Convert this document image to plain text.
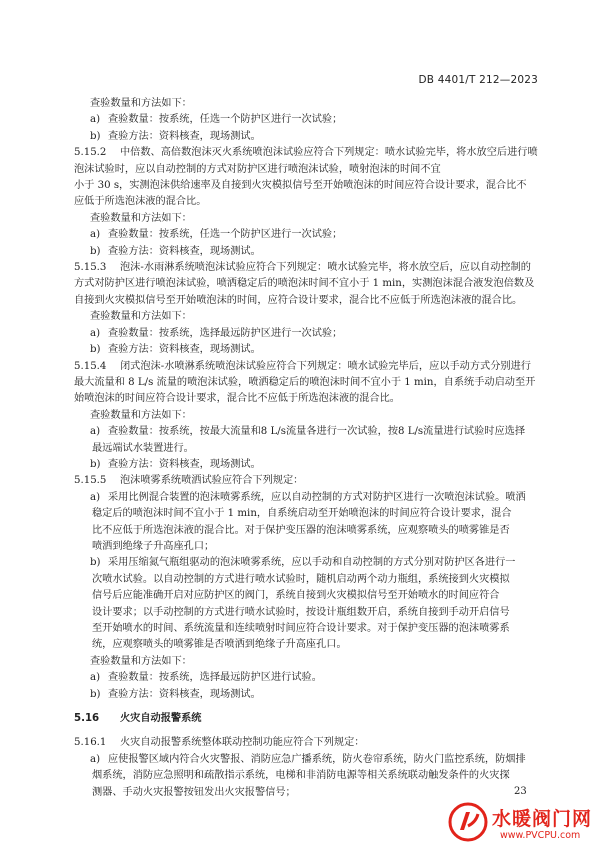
DB 4401/T 212—2023
查验数量和方法如下：
a) 查验数量：按系统，任选一个防护区进行一次试验；
b) 查验方法：资料核查，现场测试。
5.15.2 中倍数、高倍数泡沫灭火系统喷泡沫试验应符合下列规定：喷水试验完毕，将水放空后进行喷
泡沫试验时，应以自动控制的方式对防护区进行喷泡沫试验，喷射泡沫的时间不宜
小于 30 s，实测泡沫供给速率及自接到火灾模拟信号至开始喷泡沫的时间应符合设计要求，混合比不
应低于所选泡沫液的混合比。
查验数量和方法如下：
a) 查验数量：按系统，任选一个防护区进行一次试验；
b) 查验方法：资料核查，现场测试。
5.15.3 泡沫-水雨淋系统喷泡沫试验应符合下列规定：喷水试验完毕，将水放空后，应以自动控制的
方式对防护区进行喷泡沫试验，喷洒稳定后的喷泡沫时间不宜小于 1 min，实测泡沫混合液发泡倍数及
自接到火灾模拟信号至开始喷泡沫的时间，应符合设计要求，混合比不应低于所选泡沫液的混合比。
查验数量和方法如下：
a) 查验数量：按系统，选择最远防护区进行一次试验；
b) 查验方法：资料核查，现场测试。
5.15.4 闭式泡沫-水喷淋系统喷泡沫试验应符合下列规定：喷水试验完毕后，应以手动方式分别进行
最大流量和 8 L/s 流量的喷泡沫试验，喷洒稳定后的喷泡沫时间不宜小于 1 min，自系统手动启动至开
始喷泡沫的时间应符合设计要求，混合比不应低于所选泡沫液的混合比。
查验数量和方法如下：
a) 查验数量：按系统，按最大流量和8 L/s流量各进行一次试验，按8 L/s流量进行试验时应选择
最远端试水装置进行。
b) 查验方法：资料核查，现场测试。
5.15.5 泡沫喷雾系统喷洒试验应符合下列规定：
a) 采用比例混合装置的泡沫喷雾系统，应以自动控制的方式对防护区进行一次喷泡沫试验。喷洒
稳定后的喷泡沫时间不宜小于 1 min，自系统启动至开始喷泡沫的时间应符合设计要求，混合
比不应低于所选泡沫液的混合比。对于保护变压器的泡沫喷雾系统，应观察喷头的喷雾锥是否
喷洒到绝缘子升高座孔口；
b) 采用压缩氮气瓶组驱动的泡沫喷雾系统，应以手动和自动控制的方式分别对防护区各进行一
次喷水试验。以自动控制的方式进行喷水试验时，随机启动两个动力瓶组，系统接到火灾模拟
信号后应能准确开启对应防护区的阀门，系统自接到火灾模拟信号至开始喷水的时间应符合
设计要求；以手动控制的方式进行喷水试验时，按设计瓶组数开启，系统自接到手动开启信号
至开始喷水的时间、系统流量和连续喷射时间应符合设计要求。对于保护变压器的泡沫喷雾系
统，应观察喷头的喷雾锥是否喷洒到绝缘子升高座孔口。
查验数量和方法如下：
a) 查验数量：按系统，选择最远防护区进行试验。
b) 查验方法：资料核查，现场测试。
5.16 火灾自动报警系统
5.16.1 火灾自动报警系统整体联动控制功能应符合下列规定：
a) 应使报警区域内符合火灾警报、消防应急广播系统，防火卷帘系统，防火门监控系统，防烟排
烟系统，消防应急照明和疏散指示系统，电梯和非消防电源等相关系统联动触发条件的火灾探
测器、手动火灾报警按钮发出火灾报警信号；	23
水暖阀门网
www.PVCPU.com
